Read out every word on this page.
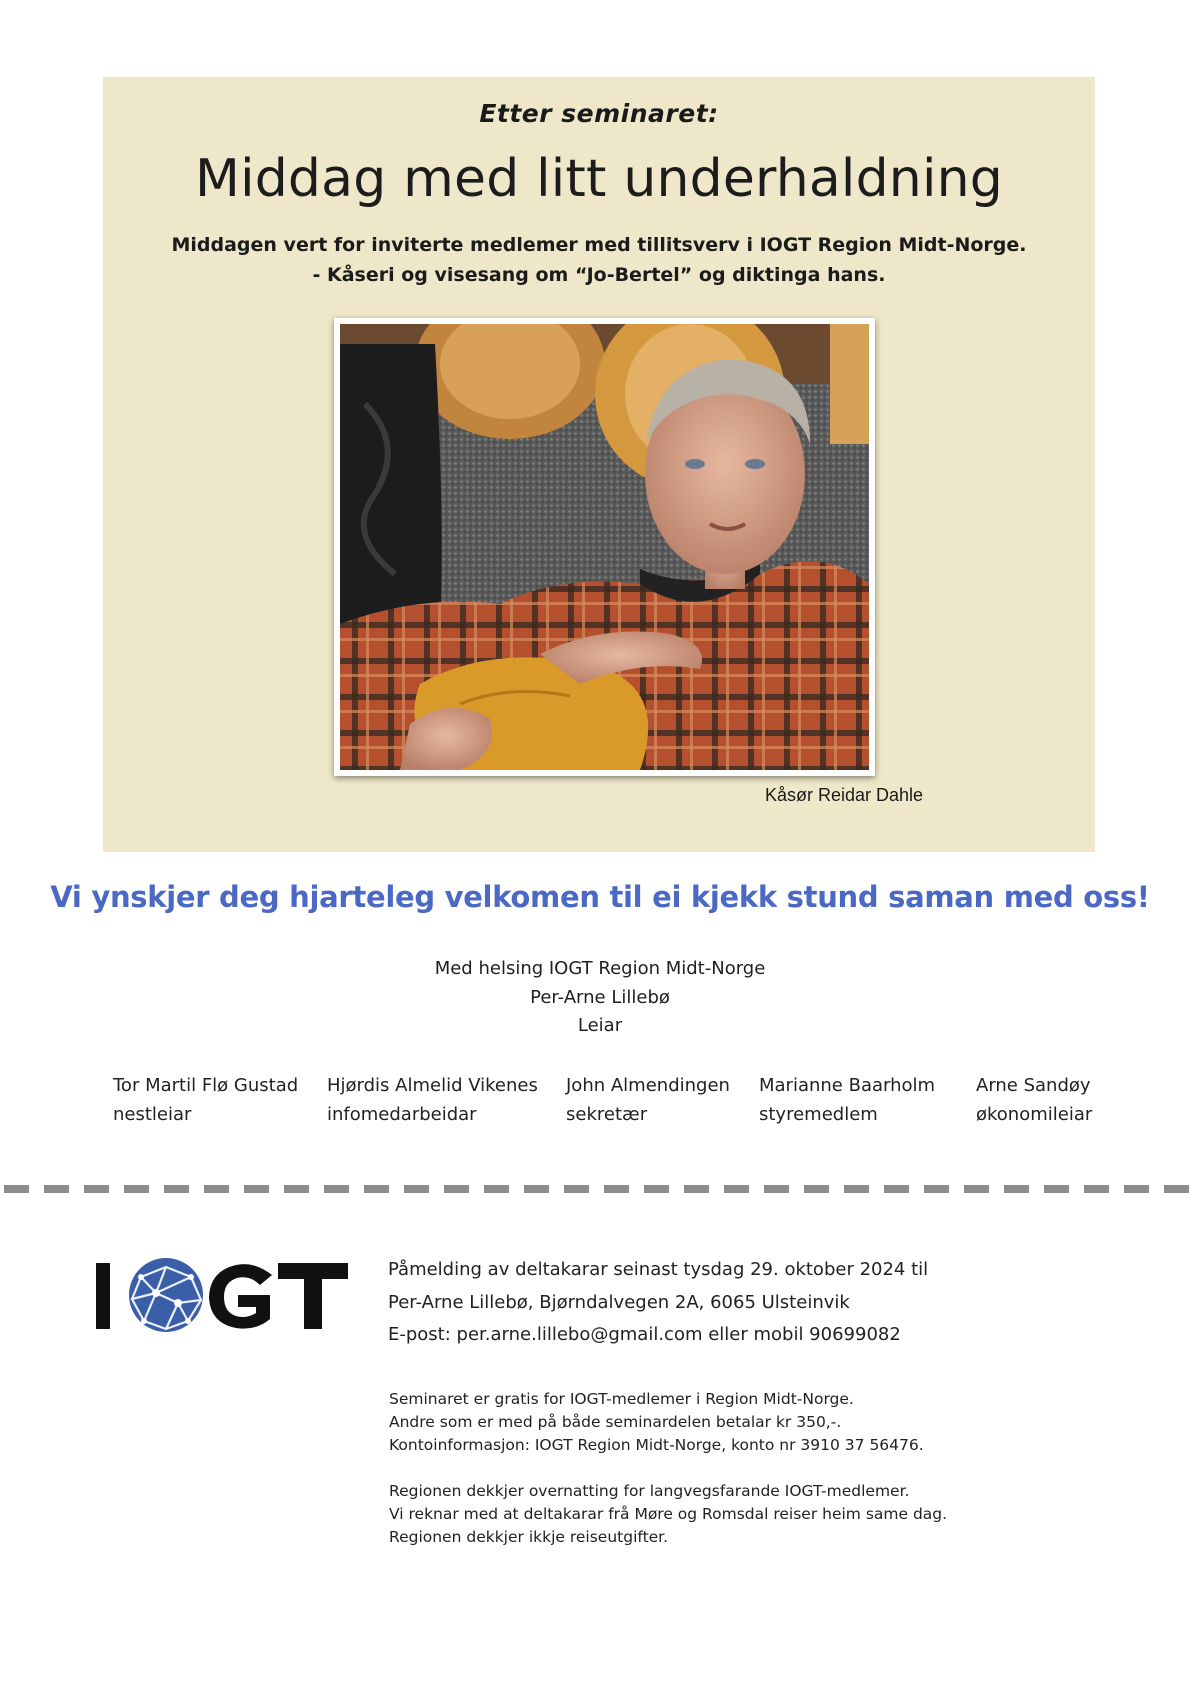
Etter seminaret:
Middag med litt underhaldning
Middagen vert for inviterte medlemer med tillitsverv i IOGT Region Midt-Norge.
- Kåseri og visesang om “Jo-Bertel” og diktinga hans.
Kåsør Reidar Dahle
Vi ynskjer deg hjarteleg velkomen til ei kjekk stund saman med oss!
Med helsing IOGT Region Midt-Norge
Per-Arne Lillebø
Leiar
Tor Martil Flø Gustad
nestleiar
Hjørdis Almelid Vikenes
infomedarbeidar
John Almendingen
sekretær
Marianne Baarholm
styremedlem
Arne Sandøy
økonomileiar
Påmelding av deltakarar seinast tysdag 29. oktober 2024 til
Per-Arne Lillebø, Bjørndalvegen 2A, 6065 Ulsteinvik
E-post: per.arne.lillebo@gmail.com eller mobil 90699082
Seminaret er gratis for IOGT-medlemer i Region Midt-Norge.
Andre som er med på både seminardelen betalar kr 350,-.
Kontoinformasjon: IOGT Region Midt-Norge, konto nr 3910 37 56476.
Regionen dekkjer overnatting for langvegsfarande IOGT-medlemer.
Vi reknar med at deltakarar frå Møre og Romsdal reiser heim same dag.
Regionen dekkjer ikkje reiseutgifter.
